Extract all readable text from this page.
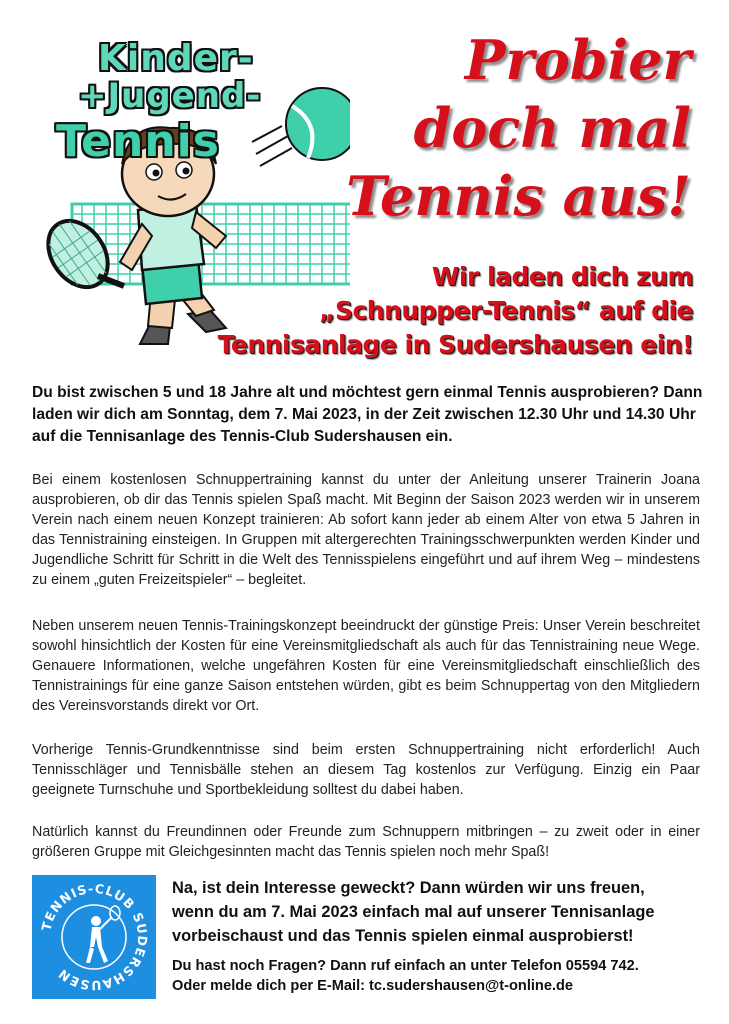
Kinder-
+Jugend-
Tennis
Probier
doch mal
Tennis aus!
Wir laden dich zum
„Schnupper-Tennis“ auf die
Tennisanlage in Sudershausen ein!
Du bist zwischen 5 und 18 Jahre alt und möchtest gern einmal Tennis ausprobieren? Dann laden wir dich am Sonntag, dem 7. Mai 2023, in der Zeit zwischen 12.30 Uhr und 14.30 Uhr auf die Tennisanlage des Tennis-Club Sudershausen ein.
Bei einem kostenlosen Schnuppertraining kannst du unter der Anleitung unserer Trainerin Joana ausprobieren, ob dir das Tennis spielen Spaß macht. Mit Beginn der Saison 2023 werden wir in unserem Verein nach einem neuen Konzept trainieren: Ab sofort kann jeder ab einem Alter von etwa 5 Jahren in das Tennistraining einsteigen. In Gruppen mit altergerechten Trainingsschwerpunkten werden Kinder und Jugendliche Schritt für Schritt in die Welt des Tennisspielens eingeführt und auf ihrem Weg – mindestens zu einem „guten Freizeitspieler“ – begleitet.
Neben unserem neuen Tennis-Trainingskonzept beeindruckt der günstige Preis: Unser Verein beschreitet sowohl hinsichtlich der Kosten für eine Vereinsmitgliedschaft als auch für das Tennistraining neue Wege. Genauere Informationen, welche ungefähren Kosten für eine Vereinsmitgliedschaft einschließlich des Tennistrainings für eine ganze Saison entstehen würden, gibt es beim Schnuppertag von den Mitgliedern des Vereinsvorstands direkt vor Ort.
Vorherige Tennis-Grundkenntnisse sind beim ersten Schnuppertraining nicht erforderlich! Auch Tennisschläger und Tennisbälle stehen an diesem Tag kostenlos zur Verfügung. Einzig ein Paar geeignete Turnschuhe und Sportbekleidung solltest du dabei haben.
Natürlich kannst du Freundinnen oder Freunde zum Schnuppern mitbringen – zu zweit oder in einer größeren Gruppe mit Gleichgesinnten macht das Tennis spielen noch mehr Spaß!
TENNIS-CLUB SUDERSHAUSEN
Na, ist dein Interesse geweckt? Dann würden wir uns freuen,
wenn du am 7. Mai 2023 einfach mal auf unserer Tennisanlage
vorbeischaust und das Tennis spielen einmal ausprobierst!
Du hast noch Fragen? Dann ruf einfach an unter Telefon 05594 742.
Oder melde dich per E-Mail: tc.sudershausen@t-online.de
